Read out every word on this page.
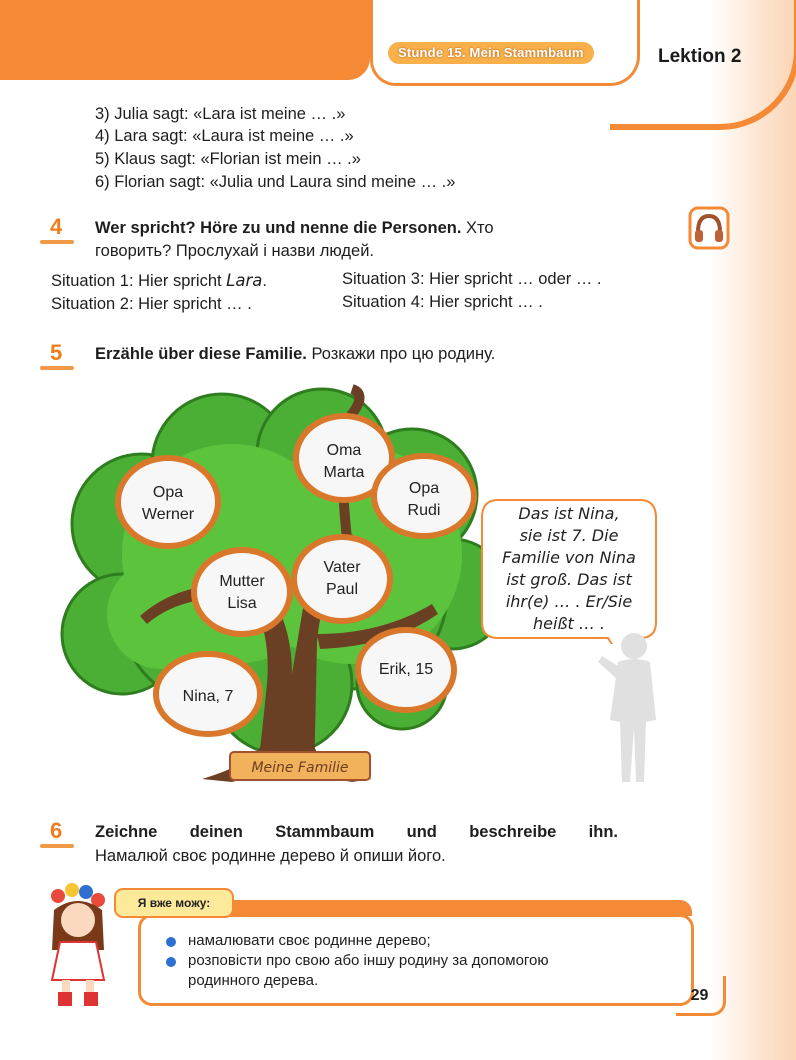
Stunde 15. Mein Stammbaum	Lektion 2
3) Julia sagt: «Lara ist meine … .»
4) Lara sagt: «Laura ist meine … .»
5) Klaus sagt: «Florian ist mein … .»
6) Florian sagt: «Julia und Laura sind meine … .»
4 Wer spricht? Höre zu und nenne die Personen. Хто
говорить? Прослухай і назви людей.
Situation 1: Hier spricht Lara.
Situation 2: Hier spricht … .
Situation 3: Hier spricht … oder … .
Situation 4: Hier spricht … .
5 Erzähle über diese Familie. Розкажи про цю родину.
Meine Familie
Opa
Werner
Oma
Marta
Opa
Rudi
Mutter
Lisa
Vater
Paul
Erik, 15
Nina, 7
Das ist Nina,
sie ist 7. Die
Familie von Nina
ist groß. Das ist
ihr(e) … . Er/Sie
heißt … .
6 Zeichne deinen Stammbaum und beschreibe ihn.
Намалюй своє родинне дерево й опиши його.
Я вже можу:
намалювати своє родинне дерево;
розповісти про свою або іншу родину за допомогою
родинного дерева.
29
